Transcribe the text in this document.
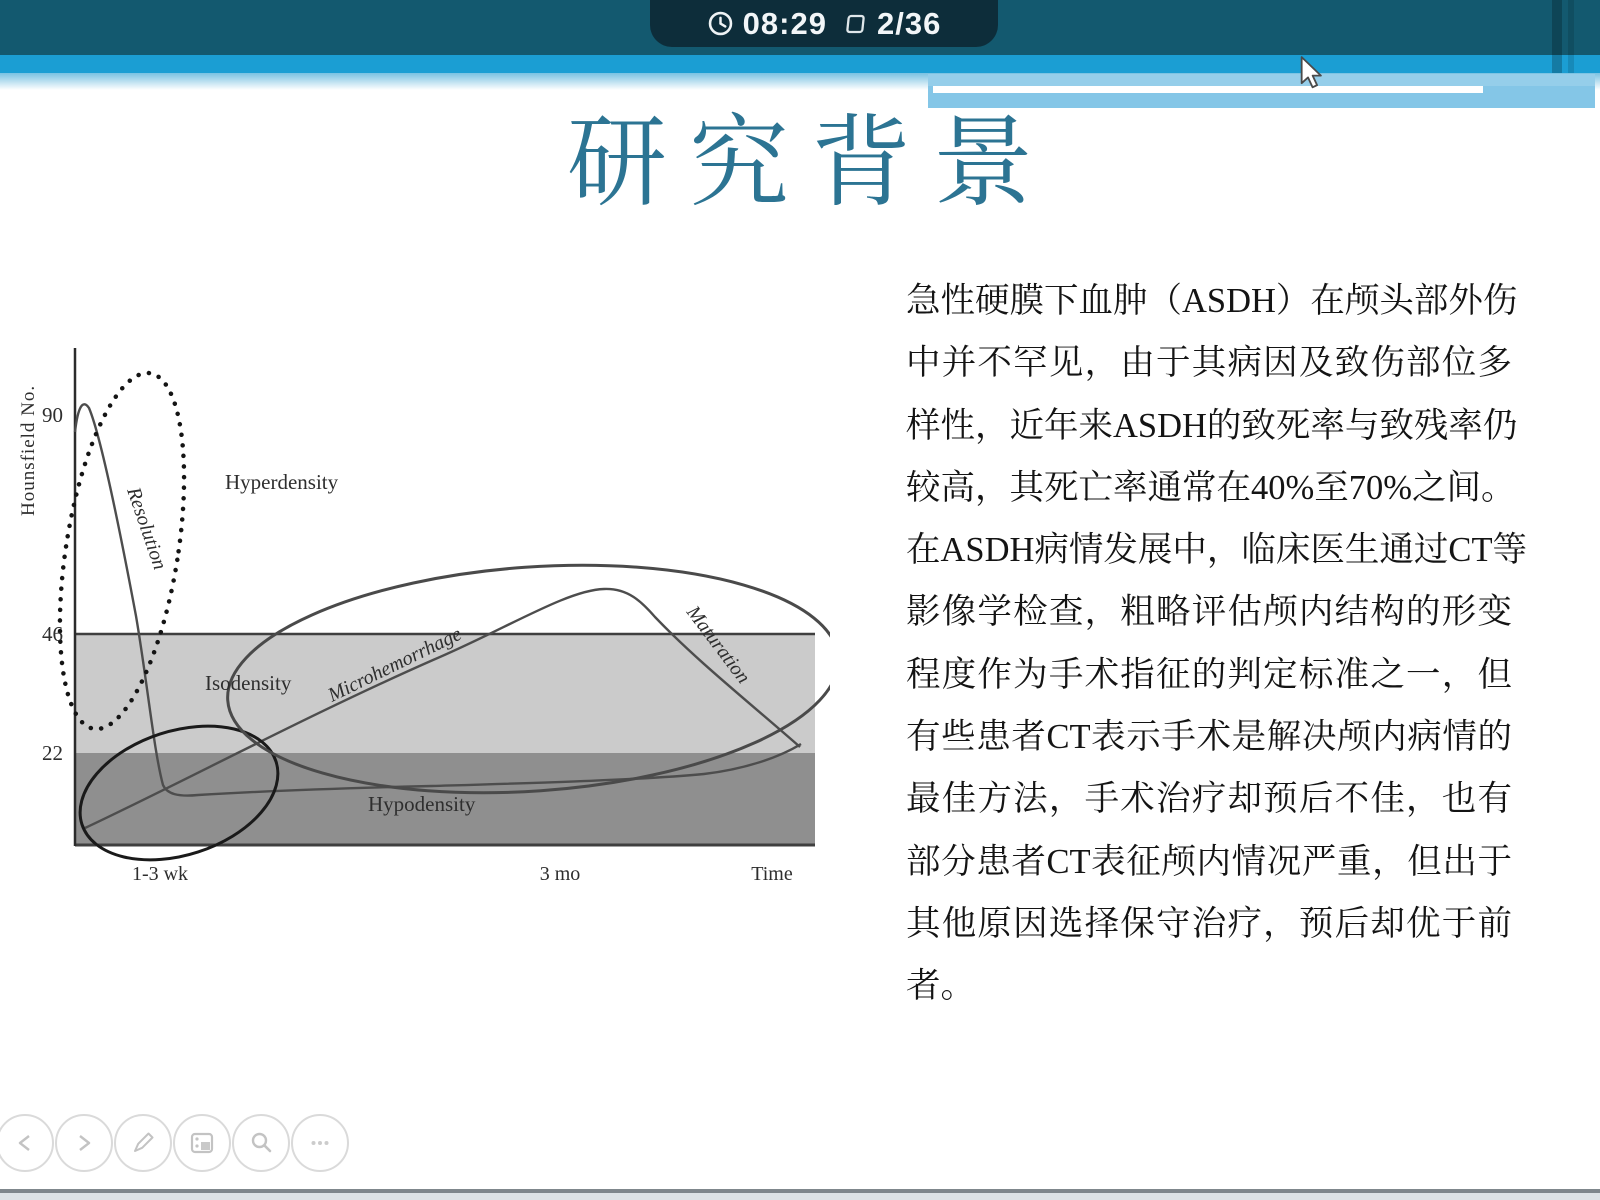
08:29 2/36
研究背景
90
46
22
Hounsfield No.	Hyperdensity
Isodensity
Hypodensity
1-3 wk	3 mo	Time
Resolution
Microhemorrhage	Maturation
急性硬膜下血肿（ASDH）在颅头部外伤
中并不罕见，由于其病因及致伤部位多
样性，近年来ASDH的致死率与致残率仍
较高，其死亡率通常在40%至70%之间。
在ASDH病情发展中，临床医生通过CT等
影像学检查，粗略评估颅内结构的形变
程度作为手术指征的判定标准之一，但
有些患者CT表示手术是解决颅内病情的
最佳方法，手术治疗却预后不佳，也有
部分患者CT表征颅内情况严重，但出于
其他原因选择保守治疗，预后却优于前
者。
